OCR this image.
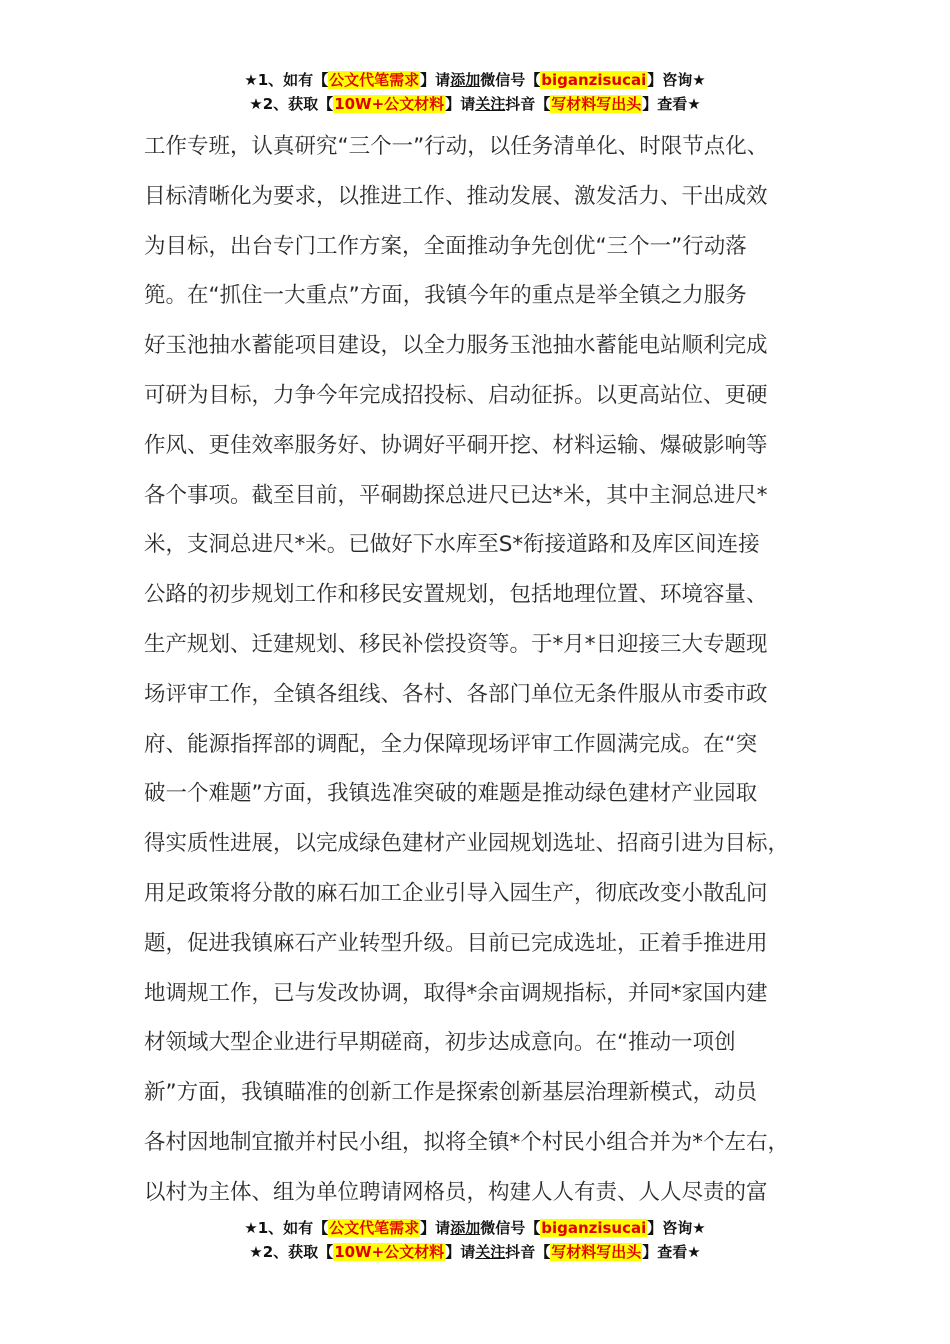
★1、如有【公文代笔需求】请添加微信号【biganzisucai】咨询★
★2、获取【10W+公文材料】请关注抖音【写材料写出头】查看★
工作专班，认真研究“三个一”行动，以任务清单化、时限节点化、
目标清晰化为要求，以推进工作、推动发展、激发活力、干出成效
为目标，出台专门工作方案，全面推动争先创优“三个一”行动落
篼。在“抓住一大重点”方面，我镇今年的重点是举全镇之力服务
好玉池抽水蓄能项目建设，以全力服务玉池抽水蓄能电站顺利完成
可研为目标，力争今年完成招投标、启动征拆。以更高站位、更硬
作风、更佳效率服务好、协调好平硐开挖、材料运输、爆破影响等
各个事项。截至目前，平硐勘探总进尺已达*米，其中主洞总进尺*
米，支洞总进尺*米。已做好下水库至S*衔接道路和及库区间连接
公路的初步规划工作和移民安置规划，包括地理位置、环境容量、
生产规划、迁建规划、移民补偿投资等。于*月*日迎接三大专题现
场评审工作，全镇各组线、各村、各部门单位无条件服从市委市政
府、能源指挥部的调配，全力保障现场评审工作圆满完成。在“突
破一个难题”方面，我镇选准突破的难题是推动绿色建材产业园取
得实质性进展，以完成绿色建材产业园规划选址、招商引进为目标，
用足政策将分散的麻石加工企业引导入园生产，彻底改变小散乱问
题，促进我镇麻石产业转型升级。目前已完成选址，正着手推进用
地调规工作，已与发改协调，取得*余亩调规指标，并同*家国内建
材领域大型企业进行早期磋商，初步达成意向。在“推动一项创
新”方面，我镇瞄准的创新工作是探索创新基层治理新模式，动员
各村因地制宜撤并村民小组，拟将全镇*个村民小组合并为*个左右，
以村为主体、组为单位聘请网格员，构建人人有责、人人尽责的富
★1、如有【公文代笔需求】请添加微信号【biganzisucai】咨询★
★2、获取【10W+公文材料】请关注抖音【写材料写出头】查看★
